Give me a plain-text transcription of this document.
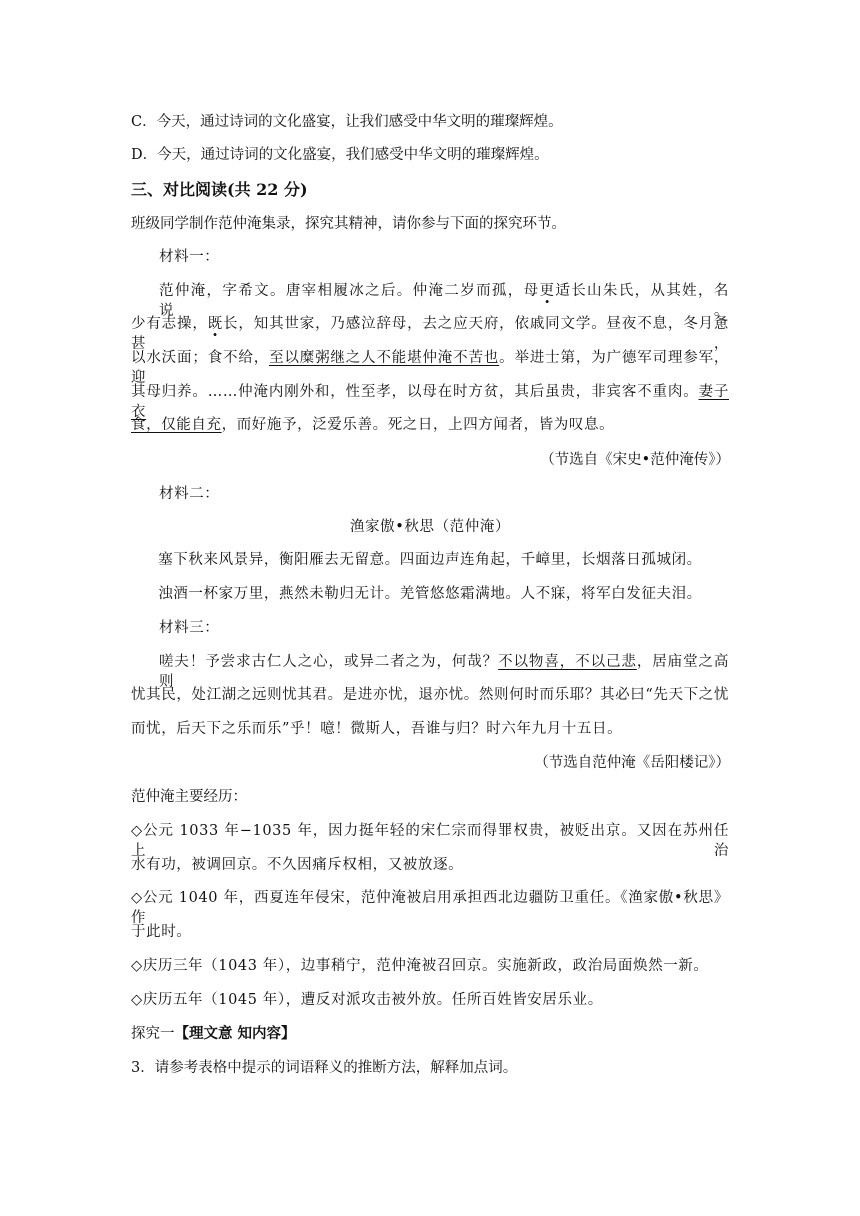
C．今天，通过诗词的文化盛宴，让我们感受中华文明的璀璨辉煌。
D．今天，通过诗词的文化盛宴，我们感受中华文明的璀璨辉煌。
三、对比阅读(共 22 分)
班级同学制作范仲淹集录，探究其精神，请你参与下面的探究环节。
材料一：
范仲淹，字希文。唐宰相履冰之后。仲淹二岁而孤，母更适长山朱氏，从其姓，名说。
少有志操，既长，知其世家，乃感泣辞母，去之应天府，依戚同文学。昼夜不息，冬月惫甚，
以水沃面；食不给，至以糜粥继之人不能堪仲淹不苦也。举进士第，为广德军司理参军，迎
其母归养。……仲淹内刚外和，性至孝，以母在时方贫，其后虽贵，非宾客不重肉。妻子衣
食，仅能自充，而好施予，泛爱乐善。死之日，上四方闻者，皆为叹息。
（节选自《宋史•范仲淹传》）
材料二：
渔家傲•秋思（范仲淹）
塞下秋来风景异，衡阳雁去无留意。四面边声连角起，千嶂里，长烟落日孤城闭。
浊酒一杯家万里，燕然未勒归无计。羌管悠悠霜满地。人不寐，将军白发征夫泪。
材料三：
嗟夫！予尝求古仁人之心，或异二者之为，何哉？不以物喜，不以己悲，居庙堂之高则
忧其民，处江湖之远则忧其君。是进亦忧，退亦忧。然则何时而乐耶？其必曰“先天下之忧
而忧，后天下之乐而乐”乎！噫！微斯人，吾谁与归？时六年九月十五日。
（节选自范仲淹《岳阳楼记》）
范仲淹主要经历：
◇公元 1033 年−1035 年，因力挺年轻的宋仁宗而得罪权贵，被贬出京。又因在苏州任上治
水有功，被调回京。不久因痛斥权相，又被放逐。
◇公元 1040 年，西夏连年侵宋，范仲淹被启用承担西北边疆防卫重任。《渔家傲•秋思》作
于此时。
◇庆历三年（1043 年），边事稍宁，范仲淹被召回京。实施新政，政治局面焕然一新。
◇庆历五年（1045 年），遭反对派攻击被外放。任所百姓皆安居乐业。
探究一【理文意 知内容】
3．请参考表格中提示的词语释义的推断方法，解释加点词。
